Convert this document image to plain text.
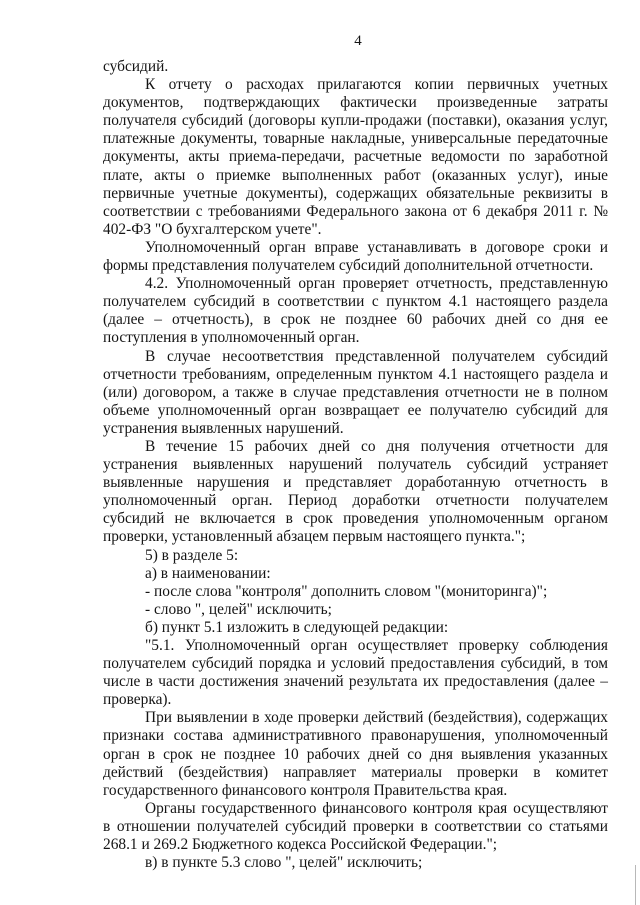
4

субсидий.

К отчету о расходах прилагаются копии первичных учетных документов, подтверждающих фактически произведенные затраты получателя субсидий (договоры купли-продажи (поставки), оказания услуг, платежные документы, товарные накладные, универсальные передаточные документы, акты приема-передачи, расчетные ведомости по заработной плате, акты о приемке выполненных работ (оказанных услуг), иные первичные учетные документы), содержащих обязательные реквизиты в соответствии с требованиями Федерального закона от 6 декабря 2011 г. № 402-ФЗ "О бухгалтерском учете".

Уполномоченный орган вправе устанавливать в договоре сроки и формы представления получателем субсидий дополнительной отчетности.

4.2. Уполномоченный орган проверяет отчетность, представленную получателем субсидий в соответствии с пунктом 4.1 настоящего раздела (далее – отчетность), в срок не позднее 60 рабочих дней со дня ее поступления в уполномоченный орган.

В случае несоответствия представленной получателем субсидий отчетности требованиям, определенным пунктом 4.1 настоящего раздела и (или) договором, а также в случае представления отчетности не в полном объеме уполномоченный орган возвращает ее получателю субсидий для устранения выявленных нарушений.

В течение 15 рабочих дней со дня получения отчетности для устранения выявленных нарушений получатель субсидий устраняет выявленные нарушения и представляет доработанную отчетность в уполномоченный орган. Период доработки отчетности получателем субсидий не включается в срок проведения уполномоченным органом проверки, установленный абзацем первым настоящего пункта.";

5) в разделе 5:

а) в наименовании:

- после слова "контроля" дополнить словом "(мониторинга)";

- слово ", целей" исключить;

б) пункт 5.1 изложить в следующей редакции:

"5.1. Уполномоченный орган осуществляет проверку соблюдения получателем субсидий порядка и условий предоставления субсидий, в том числе в части достижения значений результата их предоставления (далее – проверка).

При выявлении в ходе проверки действий (бездействия), содержащих признаки состава административного правонарушения, уполномоченный орган в срок не позднее 10 рабочих дней со дня выявления указанных действий (бездействия) направляет материалы проверки в комитет государственного финансового контроля Правительства края.

Органы государственного финансового контроля края осуществляют в отношении получателей субсидий проверки в соответствии со статьями 268.1 и 269.2 Бюджетного кодекса Российской Федерации.";

в) в пункте 5.3 слово ", целей" исключить;
